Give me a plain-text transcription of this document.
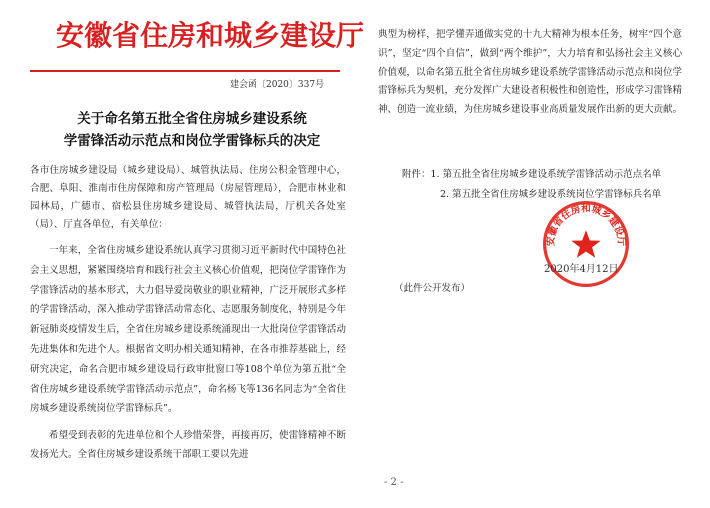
安徽省住房和城乡建设厅
建会函〔2020〕337号
关于命名第五批全省住房城乡建设系统
学雷锋活动示范点和岗位学雷锋标兵的决定
各市住房城乡建设局（城乡建设局）、城管执法局、住房公积金管理中心，合肥、阜阳、淮南市住房保障和房产管理局（房屋管理局），合肥市林业和园林局，广德市、宿松县住房城乡建设局、城管执法局，厅机关各处室（局）、厅直各单位，有关单位：
一年来，全省住房城乡建设系统认真学习贯彻习近平新时代中国特色社会主义思想，紧紧围绕培育和践行社会主义核心价值观，把岗位学雷锋作为学雷锋活动的基本形式，大力倡导爱岗敬业的职业精神，广泛开展形式多样的学雷锋活动，深入推动学雷锋活动常态化、志愿服务制度化，特别是今年新冠肺炎疫情发生后，全省住房城乡建设系统涌现出一大批岗位学雷锋活动先进集体和先进个人。根据省文明办相关通知精神，在各市推荐基础上，经研究决定，命名合肥市城乡建设局行政审批窗口等108个单位为第五批“全省住房城乡建设系统学雷锋活动示范点”，命名杨飞等136名同志为“全省住房城乡建设系统岗位学雷锋标兵”。
希望受到表彰的先进单位和个人珍惜荣誉，再接再厉，使雷锋精神不断发扬光大。全省住房城乡建设系统干部职工要以先进
典型为榜样，把学懂弄通做实党的十九大精神为根本任务，树牢“四个意识”，坚定“四个自信”，做到“两个维护”，大力培育和弘扬社会主义核心价值观，以命名第五批全省住房城乡建设系统学雷锋活动示范点和岗位学雷锋标兵为契机，充分发挥广大建设者积极性和创造性，形成学习雷锋精神、创造一流业绩，为住房城乡建设事业高质量发展作出新的更大贡献。
附件：1. 第五批全省住房城乡建设系统学雷锋活动示范点名单
2. 第五批全省住房城乡建设系统岗位学雷锋标兵名单
安徽省住房和城乡建设厅
2020年4月12日
（此件公开发布）
- 2 -
